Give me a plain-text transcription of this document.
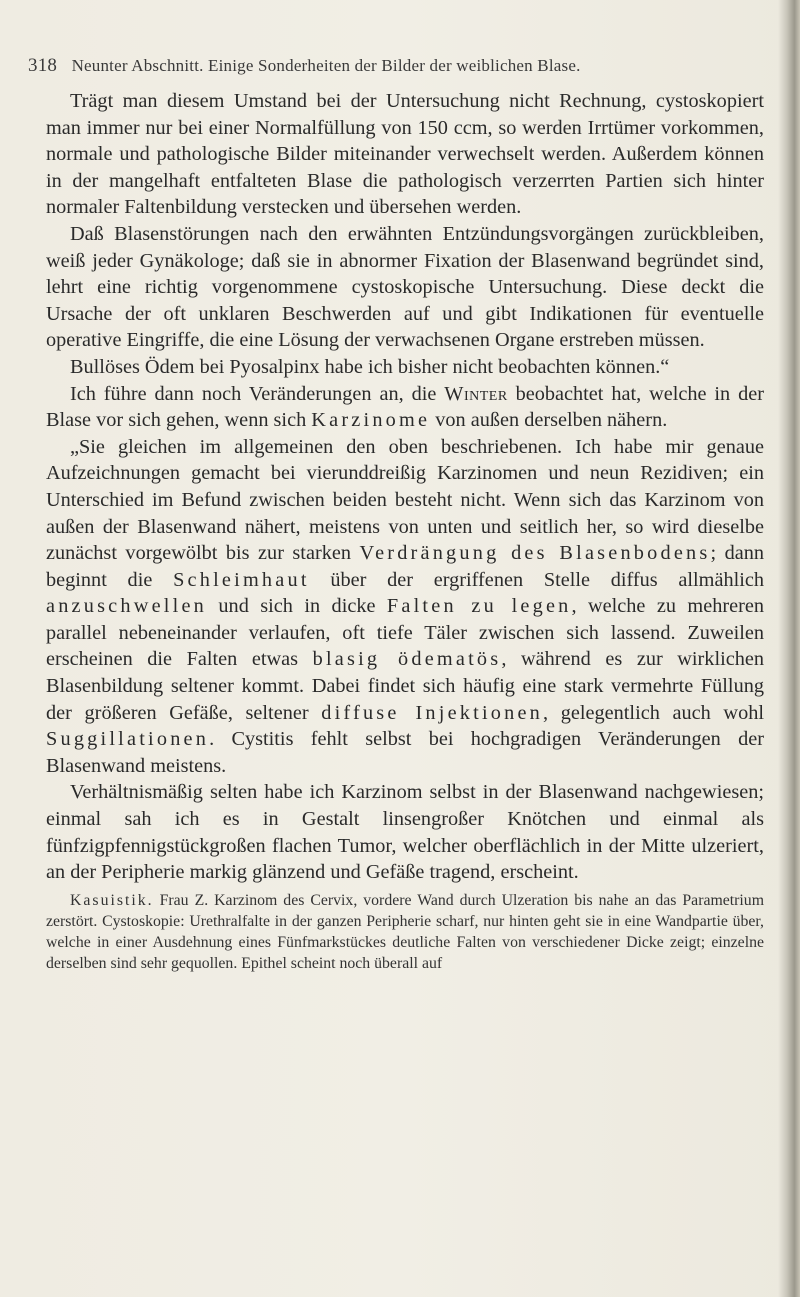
318 Neunter Abschnitt. Einige Sonderheiten der Bilder der weiblichen Blase.

Trägt man diesem Umstand bei der Untersuchung nicht Rechnung, cystoskopiert man immer nur bei einer Normalfüllung von 150 ccm, so werden Irrtümer vorkommen, normale und pathologische Bilder miteinander verwechselt werden. Außerdem können in der mangelhaft entfalteten Blase die pathologisch verzerrten Partien sich hinter normaler Faltenbildung verstecken und übersehen werden.

Daß Blasenstörungen nach den erwähnten Entzündungsvorgängen zurückbleiben, weiß jeder Gynäkologe; daß sie in abnormer Fixation der Blasenwand begründet sind, lehrt eine richtig vorgenommene cystoskopische Untersuchung. Diese deckt die Ursache der oft unklaren Beschwerden auf und gibt Indikationen für eventuelle operative Eingriffe, die eine Lösung der verwachsenen Organe erstreben müssen.

Bullöses Ödem bei Pyosalpinx habe ich bisher nicht beobachten können.“

Ich führe dann noch Veränderungen an, die Winter beobachtet hat, welche in der Blase vor sich gehen, wenn sich Karzinome von außen derselben nähern.

„Sie gleichen im allgemeinen den oben beschriebenen. Ich habe mir genaue Aufzeichnungen gemacht bei vierunddreißig Karzinomen und neun Rezidiven; ein Unterschied im Befund zwischen beiden besteht nicht. Wenn sich das Karzinom von außen der Blasenwand nähert, meistens von unten und seitlich her, so wird dieselbe zunächst vorgewölbt bis zur starken Verdrängung des Blasenbodens; dann beginnt die Schleimhaut über der ergriffenen Stelle diffus allmählich anzuschwellen und sich in dicke Falten zu legen, welche zu mehreren parallel nebeneinander verlaufen, oft tiefe Täler zwischen sich lassend. Zuweilen erscheinen die Falten etwas blasig ödematös, während es zur wirklichen Blasenbildung seltener kommt. Dabei findet sich häufig eine stark vermehrte Füllung der größeren Gefäße, seltener diffuse Injektionen, gelegentlich auch wohl Suggillationen. Cystitis fehlt selbst bei hochgradigen Veränderungen der Blasenwand meistens.

Verhältnismäßig selten habe ich Karzinom selbst in der Blasenwand nachgewiesen; einmal sah ich es in Gestalt linsengroßer Knötchen und einmal als fünfzigpfennigstückgroßen flachen Tumor, welcher oberflächlich in der Mitte ulzeriert, an der Peripherie markig glänzend und Gefäße tragend, erscheint.

Kasuistik. Frau Z. Karzinom des Cervix, vordere Wand durch Ulzeration bis nahe an das Parametrium zerstört. Cystoskopie: Urethralfalte in der ganzen Peripherie scharf, nur hinten geht sie in eine Wandpartie über, welche in einer Ausdehnung eines Fünfmarkstückes deutliche Falten von verschiedener Dicke zeigt; einzelne derselben sind sehr gequollen. Epithel scheint noch überall auf
